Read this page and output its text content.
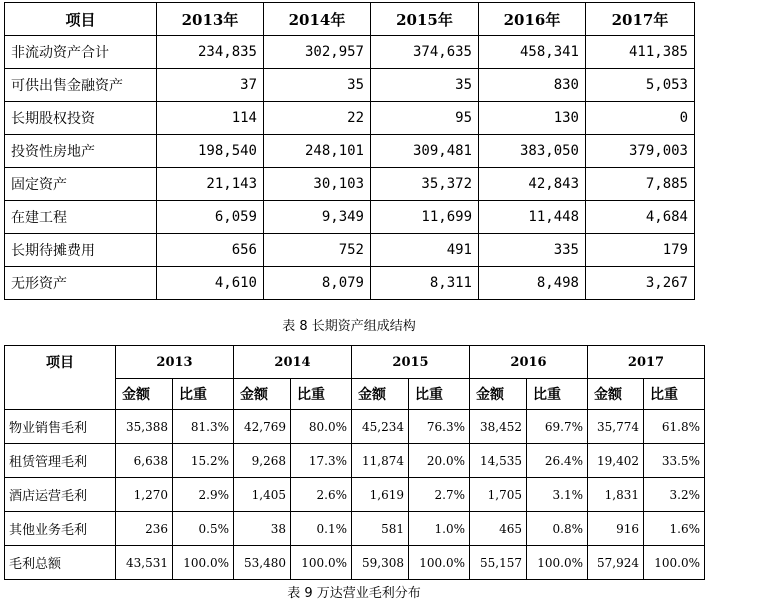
项目	2013年	2014年	2015年	2016年	2017年
非流动资产合计	234,835	302,957	374,635	458,341	411,385
可供出售金融资产	37	35	35	830	5,053
长期股权投资	114	22	95	130	0
投资性房地产	198,540	248,101	309,481	383,050	379,003
固定资产	21,143	30,103	35,372	42,843	7,885
在建工程	6,059	9,349	11,699	11,448	4,684
长期待摊费用	656	752	491	335	179
无形资产	4,610	8,079	8,311	8,498	3,267
表 8 长期资产组成结构
项目	2013		2014		2015		2016		2017	
	金额	比重	金额	比重	金额	比重	金额	比重	金额	比重
物业销售毛利	35,388	81.3%	42,769	80.0%	45,234	76.3%	38,452	69.7%	35,774	61.8%
租赁管理毛利	6,638	15.2%	9,268	17.3%	11,874	20.0%	14,535	26.4%	19,402	33.5%
酒店运营毛利	1,270	2.9%	1,405	2.6%	1,619	2.7%	1,705	3.1%	1,831	3.2%
其他业务毛利	236	0.5%	38	0.1%	581	1.0%	465	0.8%	916	1.6%
毛利总额	43,531	100.0%	53,480	100.0%	59,308	100.0%	55,157	100.0%	57,924	100.0%
表 9 万达营业毛利分布
